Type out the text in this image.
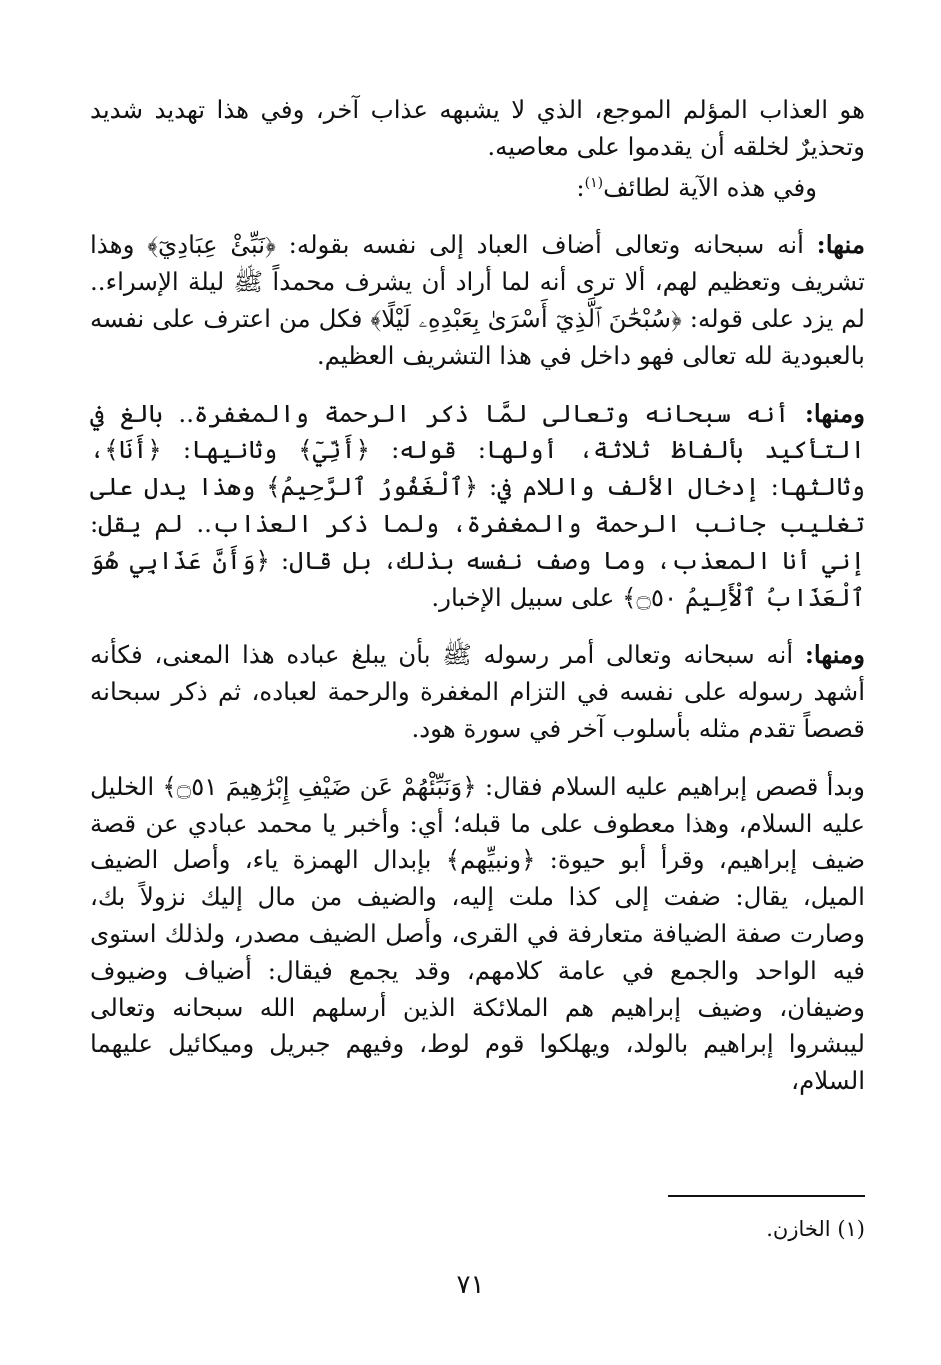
هو العذاب المؤلم الموجع، الذي لا يشبهه عذاب آخر، وفي هذا تهديد شديد وتحذيرٌ لخلقه أن يقدموا على معاصيه.

وفي هذه الآية لطائف$^{(١)}$:

منها: أنه سبحانه وتعالى أضاف العباد إلى نفسه بقوله: ﴿نَبِّئْ عِبَادِيٓ﴾ وهذا تشريف وتعظيم لهم، ألا ترى أنه لما أراد أن يشرف محمداً ﷺ ليلة الإسراء.. لم يزد على قوله: ﴿سُبْحَٰنَ ٱلَّذِيٓ أَسْرَىٰ بِعَبْدِهِۦ لَيْلًا﴾ فكل من اعترف على نفسه بالعبودية لله تعالى فهو داخل في هذا التشريف العظيم.

ومنها: أنه سبحانه وتعالى لمَّا ذكر الرحمة والمغفرة.. بالغ في التأكيد بألفاظ ثلاثة، أولها: قوله: ﴿أَنِّيٓ﴾ وثانيها: ﴿أَنَا﴾، وثالثها: إدخال الألف واللام في: ﴿ٱلْغَفُورُ ٱلرَّحِيمُ﴾ وهذا يدل على تغليب جانب الرحمة والمغفرة، ولما ذكر العذاب.. لم يقل: إني أنا المعذب، وما وصف نفسه بذلك، بل قال: ﴿وَأَنَّ عَذَابِي هُوَ ٱلْعَذَابُ ٱلْأَلِيمُ ۝٥٠﴾ على سبيل الإخبار.

ومنها: أنه سبحانه وتعالى أمر رسوله ﷺ بأن يبلغ عباده هذا المعنى، فكأنه أشهد رسوله على نفسه في التزام المغفرة والرحمة لعباده، ثم ذكر سبحانه قصصاً تقدم مثله بأسلوب آخر في سورة هود.

وبدأ قصص إبراهيم عليه السلام فقال: ﴿وَنَبِّئْهُمْ عَن ضَيْفِ إِبْرَٰهِيمَ ۝٥١﴾ الخليل عليه السلام، وهذا معطوف على ما قبله؛ أي: وأخبر يا محمد عبادي عن قصة ضيف إبراهيم، وقرأ أبو حيوة: ﴿ونبيِّهم﴾ بإبدال الهمزة ياء، وأصل الضيف الميل، يقال: ضفت إلى كذا ملت إليه، والضيف من مال إليك نزولاً بك، وصارت صفة الضيافة متعارفة في القرى، وأصل الضيف مصدر، ولذلك استوى فيه الواحد والجمع في عامة كلامهم، وقد يجمع فيقال: أضياف وضيوف وضيفان، وضيف إبراهيم هم الملائكة الذين أرسلهم الله سبحانه وتعالى ليبشروا إبراهيم بالولد، ويهلكوا قوم لوط، وفيهم جبريل وميكائيل عليهما السلام،

(١) الخازن.
٧١
